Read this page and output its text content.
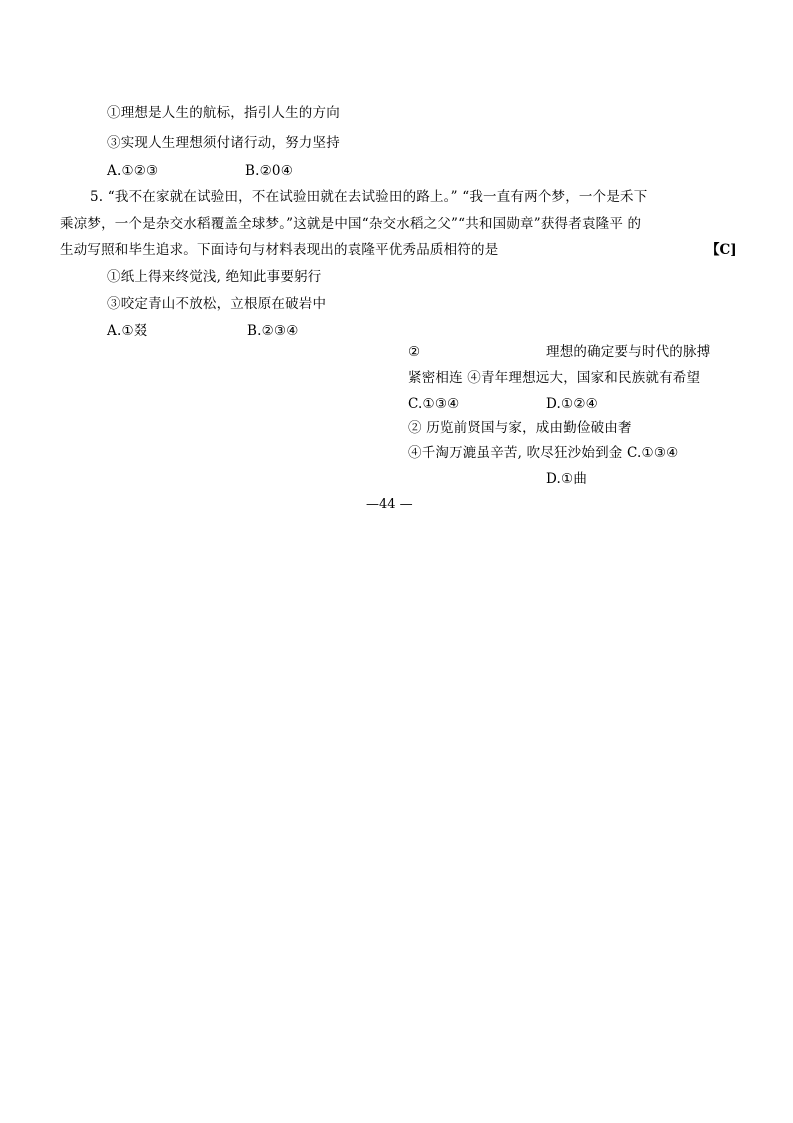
①理想是人生的航标，指引人生的方向
③实现人生理想须付诸行动，努力坚持
A.①②③	B.②0④
5. “我不在家就在试验田，不在试验田就在去试验田的路上。” “我一直有两个梦，一个是禾下
乘凉梦，一个是杂交水稻覆盖全球梦。”这就是中国“杂交水稻之父”“共和国勋章”获得者袁隆平 的
生动写照和毕生追求。下面诗句与材料表现出的袁隆平优秀品质相符的是	【C]
①纸上得来终觉浅, 绝知此事要躬行
③咬定青山不放松，立根原在破岩中
A.①叕	B.②③④
②	理想的确定要与时代的脉搏
紧密相连 ④青年理想远大，国家和民族就有希望
C.①③④	D.①②④
② 历览前贤国与家，成由勤俭破由奢
④千淘万漉虽辛苦, 吹尽狂沙始到金 C.①③④
D.①曲
—44 —
